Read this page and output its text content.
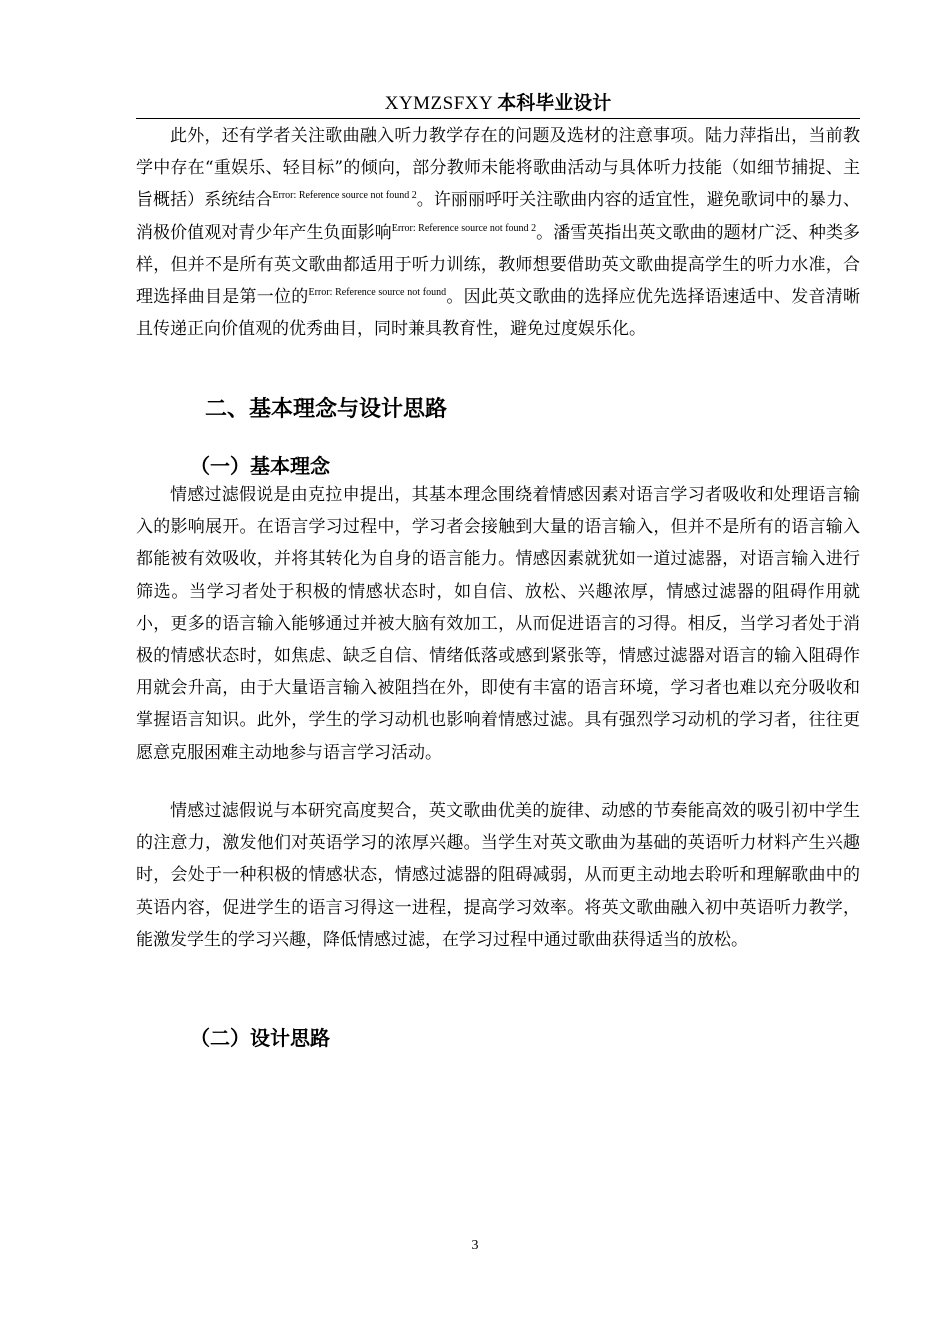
XYMZSFXY 本科毕业设计

此外，还有学者关注歌曲融入听力教学存在的问题及选材的注意事项。陆力萍指出，当前教学中存在“重娱乐、轻目标”的倾向，部分教师未能将歌曲活动与具体听力技能（如细节捕捉、主旨概括）系统结合$^{Error: Reference source not found 2}$。许丽丽呼吁关注歌曲内容的适宜性，避免歌词中的暴力、消极价值观对青少年产生负面影响$^{Error: Reference source not found 2}$。潘雪英指出英文歌曲的题材广泛、种类多样，但并不是所有英文歌曲都适用于听力训练，教师想要借助英文歌曲提高学生的听力水准，合理选择曲目是第一位的$^{Error: Reference source not found}$。因此英文歌曲的选择应优先选择语速适中、发音清晰且传递正向价值观的优秀曲目，同时兼具教育性，避免过度娱乐化。

二、基本理念与设计思路
（一）基本理念

情感过滤假说是由克拉申提出，其基本理念围绕着情感因素对语言学习者吸收和处理语言输入的影响展开。在语言学习过程中，学习者会接触到大量的语言输入，但并不是所有的语言输入都能被有效吸收，并将其转化为自身的语言能力。情感因素就犹如一道过滤器，对语言输入进行筛选。当学习者处于积极的情感状态时，如自信、放松、兴趣浓厚，情感过滤器的阻碍作用就小，更多的语言输入能够通过并被大脑有效加工，从而促进语言的习得。相反，当学习者处于消极的情感状态时，如焦虑、缺乏自信、情绪低落或感到紧张等，情感过滤器对语言的输入阻碍作用就会升高，由于大量语言输入被阻挡在外，即使有丰富的语言环境，学习者也难以充分吸收和掌握语言知识。此外，学生的学习动机也影响着情感过滤。具有强烈学习动机的学习者，往往更愿意克服困难主动地参与语言学习活动。

情感过滤假说与本研究高度契合，英文歌曲优美的旋律、动感的节奏能高效的吸引初中学生的注意力，激发他们对英语学习的浓厚兴趣。当学生对英文歌曲为基础的英语听力材料产生兴趣时，会处于一种积极的情感状态，情感过滤器的阻碍减弱，从而更主动地去聆听和理解歌曲中的英语内容，促进学生的语言习得这一进程，提高学习效率。将英文歌曲融入初中英语听力教学，能激发学生的学习兴趣，降低情感过滤，在学习过程中通过歌曲获得适当的放松。

（二）设计思路
3
